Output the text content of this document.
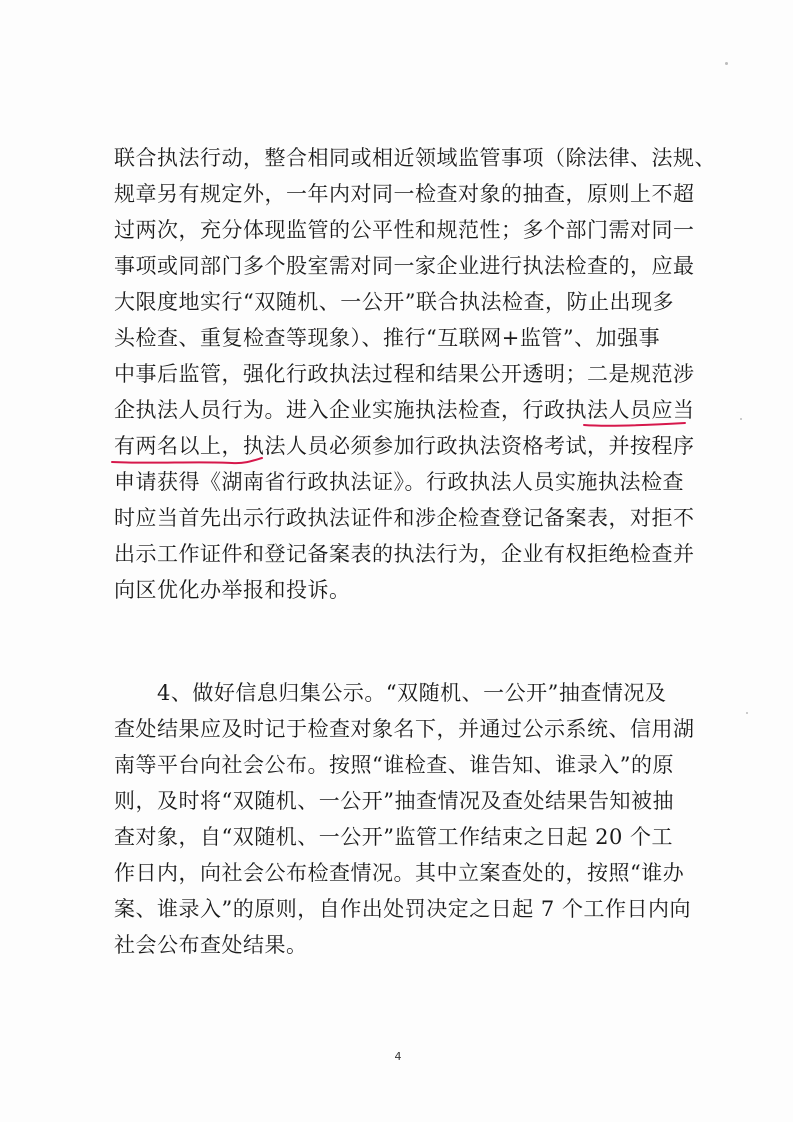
联合执法行动，整合相同或相近领域监管事项（除法律、法规、
规章另有规定外，一年内对同一检查对象的抽查，原则上不超
过两次，充分体现监管的公平性和规范性；多个部门需对同一
事项或同部门多个股室需对同一家企业进行执法检查的，应最
大限度地实行“双随机、一公开”联合执法检查，防止出现多
头检查、重复检查等现象）、推行“互联网+监管”、加强事
中事后监管，强化行政执法过程和结果公开透明；二是规范涉
企执法人员行为。进入企业实施执法检查，行政执法人员应当
有两名以上，执法人员必须参加行政执法资格考试，并按程序
申请获得《湖南省行政执法证》。行政执法人员实施执法检查
时应当首先出示行政执法证件和涉企检查登记备案表，对拒不
出示工作证件和登记备案表的执法行为，企业有权拒绝检查并
向区优化办举报和投诉。
　　4、做好信息归集公示。“双随机、一公开”抽查情况及
查处结果应及时记于检查对象名下，并通过公示系统、信用湖
南等平台向社会公布。按照“谁检查、谁告知、谁录入”的原
则，及时将“双随机、一公开”抽查情况及查处结果告知被抽
查对象，自“双随机、一公开”监管工作结束之日起 20 个工
作日内，向社会公布检查情况。其中立案查处的，按照“谁办
案、谁录入”的原则，自作出处罚决定之日起 7 个工作日内向
社会公布查处结果。
4
